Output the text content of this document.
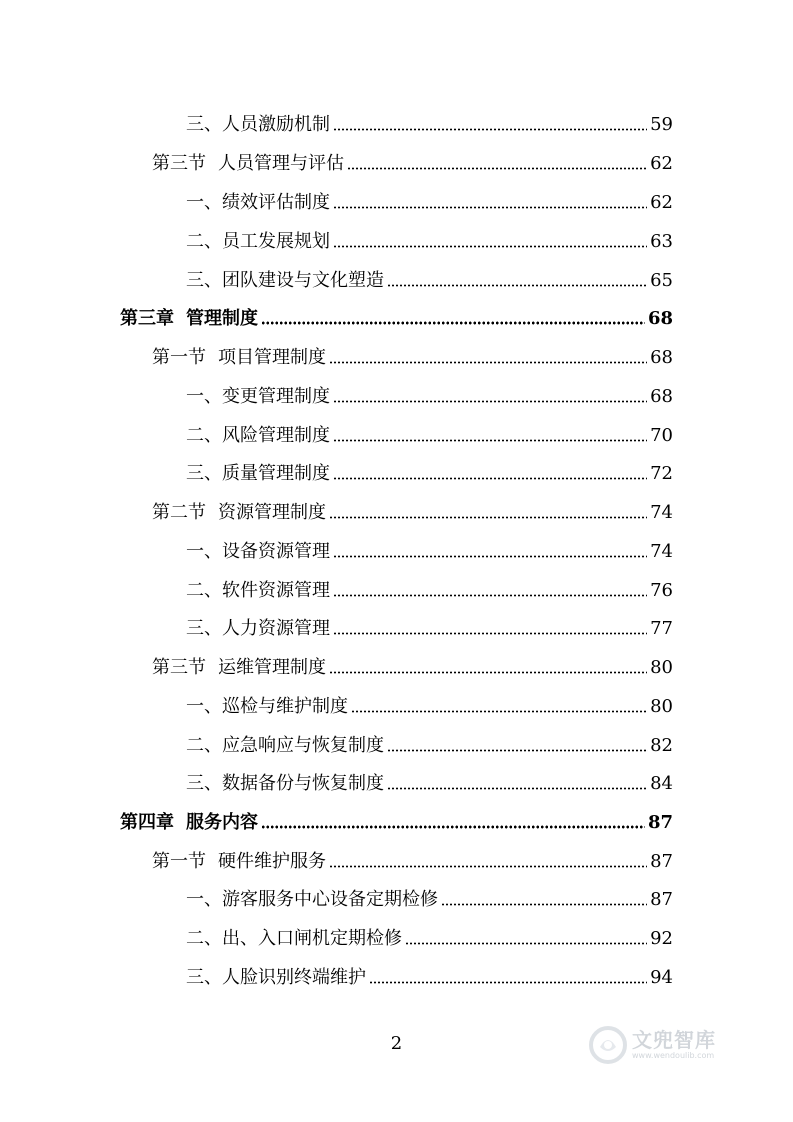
三、人员激励机制	59
第三节 人员管理与评估	62
一、绩效评估制度	62
二、员工发展规划	63
三、团队建设与文化塑造	65
第三章 管理制度	68
第一节 项目管理制度	68
一、变更管理制度	68
二、风险管理制度	70
三、质量管理制度	72
第二节 资源管理制度	74
一、设备资源管理	74
二、软件资源管理	76
三、人力资源管理	77
第三节 运维管理制度	80
一、巡检与维护制度	80
二、应急响应与恢复制度	82
三、数据备份与恢复制度	84
第四章 服务内容	87
第一节 硬件维护服务	87
一、游客服务中心设备定期检修	87
二、出、入口闸机定期检修	92
三、人脸识别终端维护	94
2	文兜智库
www.wendoulib.com
